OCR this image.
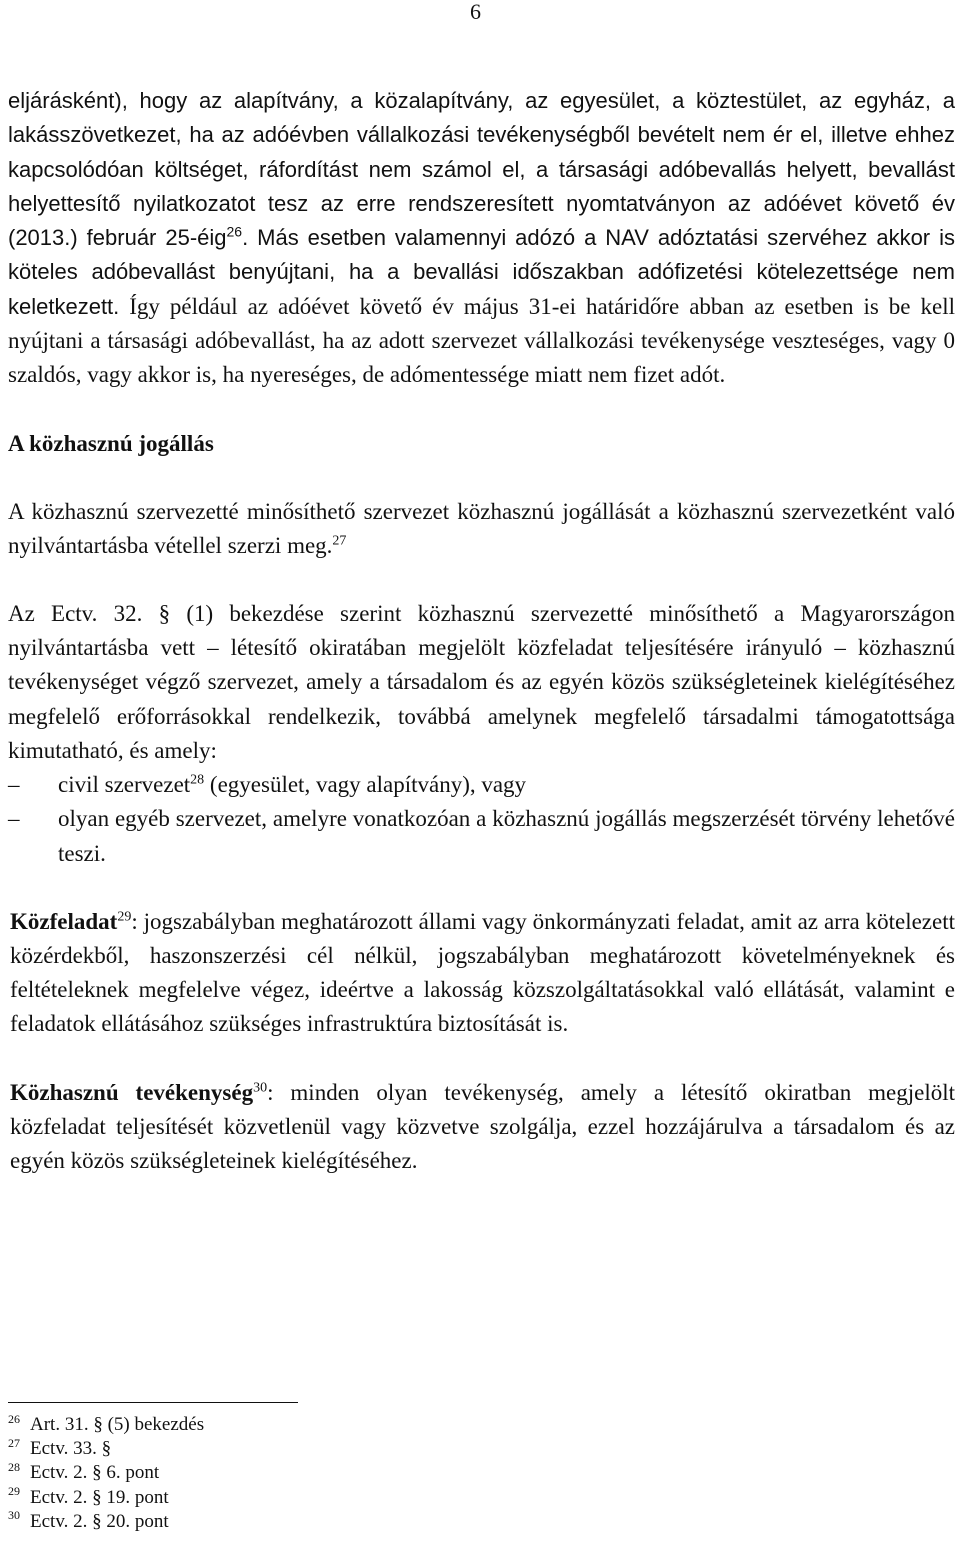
6

eljárásként), hogy az alapítvány, a közalapítvány, az egyesület, a köztestület, az egyház, a lakásszövetkezet, ha az adóévben vállalkozási tevékenységből bevételt nem ér el, illetve ehhez kapcsolódóan költséget, ráfordítást nem számol el, a társasági adóbevallás helyett, bevallást helyettesítő nyilatkozatot tesz az erre rendszeresített nyomtatványon az adóévet követő év (2013.) február 25-éig$^{26}$. Más esetben valamennyi adózó a NAV adóztatási szervéhez akkor is köteles adóbevallást benyújtani, ha a bevallási időszakban adófizetési kötelezettsége nem keletkezett. Így például az adóévet követő év május 31-ei határidőre abban az esetben is be kell nyújtani a társasági adóbevallást, ha az adott szervezet vállalkozási tevékenysége veszteséges, vagy 0 szaldós, vagy akkor is, ha nyereséges, de adómentessége miatt nem fizet adót.

A közhasznú jogállás

A közhasznú szervezetté minősíthető szervezet közhasznú jogállását a közhasznú szervezetként való nyilvántartásba vétellel szerzi meg.$^{27}$

Az Ectv. 32. § (1) bekezdése szerint közhasznú szervezetté minősíthető a Magyarországon nyilvántartásba vett – létesítő okiratában megjelölt közfeladat teljesítésére irányuló – közhasznú tevékenységet végző szervezet, amely a társadalom és az egyén közös szükségleteinek kielégítéséhez megfelelő erőforrásokkal rendelkezik, továbbá amelynek megfelelő társadalmi támogatottsága kimutatható, és amely:

–	civil szervezet$^{28}$ (egyesület, vagy alapítvány), vagy
–	olyan egyéb szervezet, amelyre vonatkozóan a közhasznú jogállás megszerzését törvény lehetővé teszi.

Közfeladat$^{29}$: jogszabályban meghatározott állami vagy önkormányzati feladat, amit az arra kötelezett közérdekből, haszonszerzési cél nélkül, jogszabályban meghatározott követelményeknek és feltételeknek megfelelve végez, ideértve a lakosság közszolgáltatásokkal való ellátását, valamint e feladatok ellátásához szükséges infrastruktúra biztosítását is.

Közhasznú tevékenység$^{30}$: minden olyan tevékenység, amely a létesítő okiratban megjelölt közfeladat teljesítését közvetlenül vagy közvetve szolgálja, ezzel hozzájárulva a társadalom és az egyén közös szükségleteinek kielégítéséhez.

$^{26}$ Art. 31. § (5) bekezdés
$^{27}$ Ectv. 33. §
$^{28}$ Ectv. 2. § 6. pont
$^{29}$ Ectv. 2. § 19. pont
$^{30}$ Ectv. 2. § 20. pont
